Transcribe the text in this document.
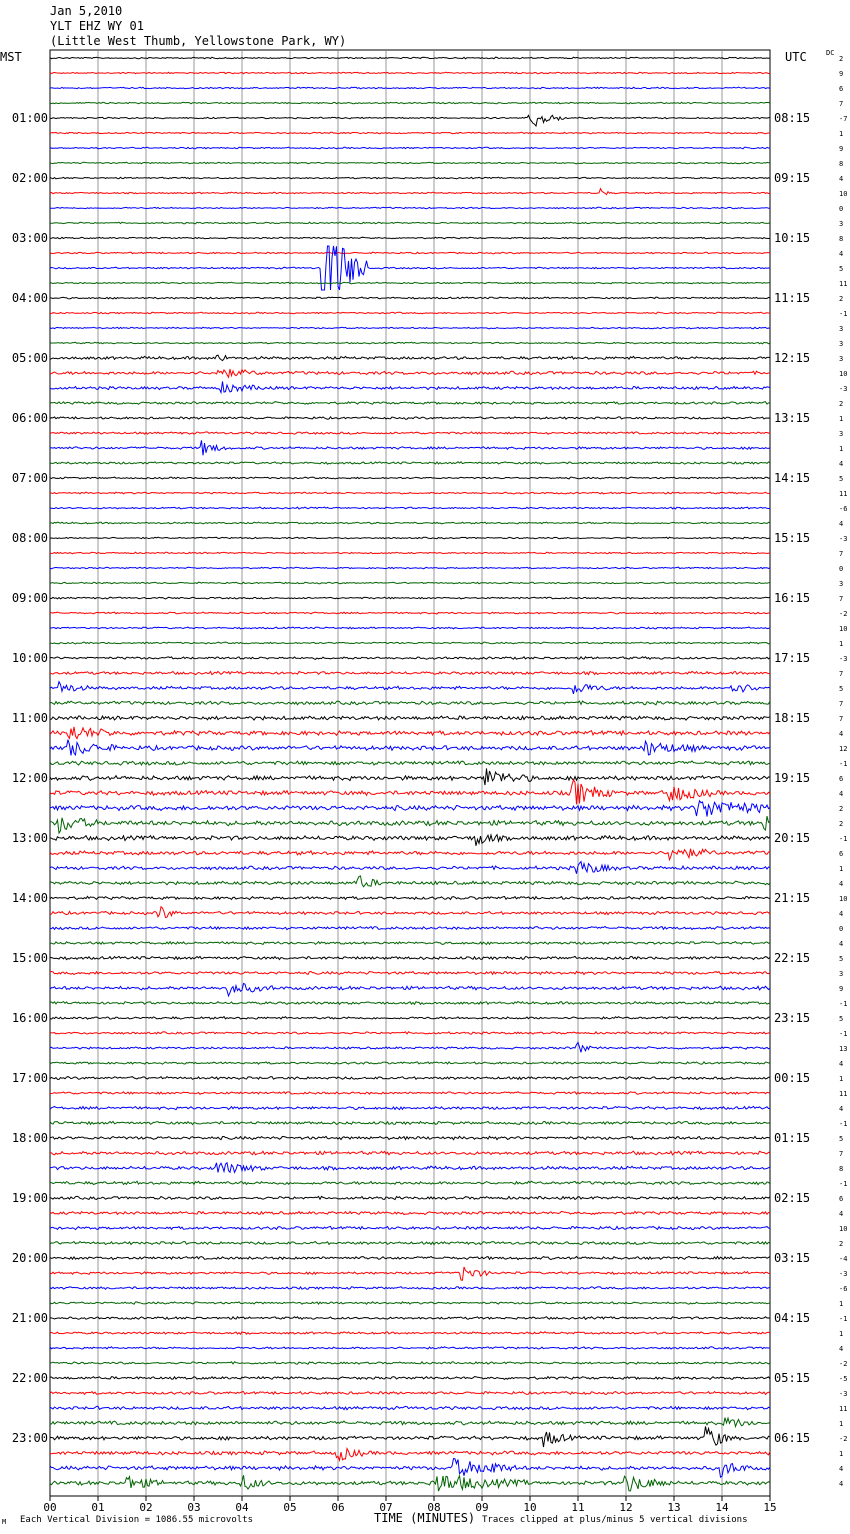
Jan 5,2010
YLT EHZ WY 01
(Little West Thumb, Yellowstone Park, WY)
MST	UTC	DC
00	01	02	03	04	05	06	07	08	09	10	11	12	13	14	15
2
9
6
7
-7
1
9
8
4
10
0
3
8
4
5
11
2
-1
3
3
3
10
-3
2
1
3
1
4
5
11
-6
4
-3
7
0
3
7
-2
10
1
-3
7
5
7
7
4
12
-1
6
4
2
2
-1
6
1
4
10
4
0
4
5
3
9
-1
5
-1
13
4
1
11
4
-1
5
7
8
-1
6
4
10
2
-4
-3
-6
1
-1
1
4
-2
-5
-3
11
1
-2
1
4
4
01:00
02:00
03:00
04:00
05:00
06:00
07:00
08:00
09:00
10:00
11:00
12:00
13:00
14:00
15:00
16:00
17:00
18:00
19:00
20:00
21:00
22:00
23:00
08:15
09:15
10:15
11:15
12:15
13:15
14:15
15:15
16:15
17:15
18:15
19:15
20:15
21:15
22:15
23:15
00:15
01:15
02:15
03:15
04:15
05:15
06:15
M Each Vertical Division = 1086.55 microvolts	TIME (MINUTES) Traces clipped at plus/minus 5 vertical divisions
